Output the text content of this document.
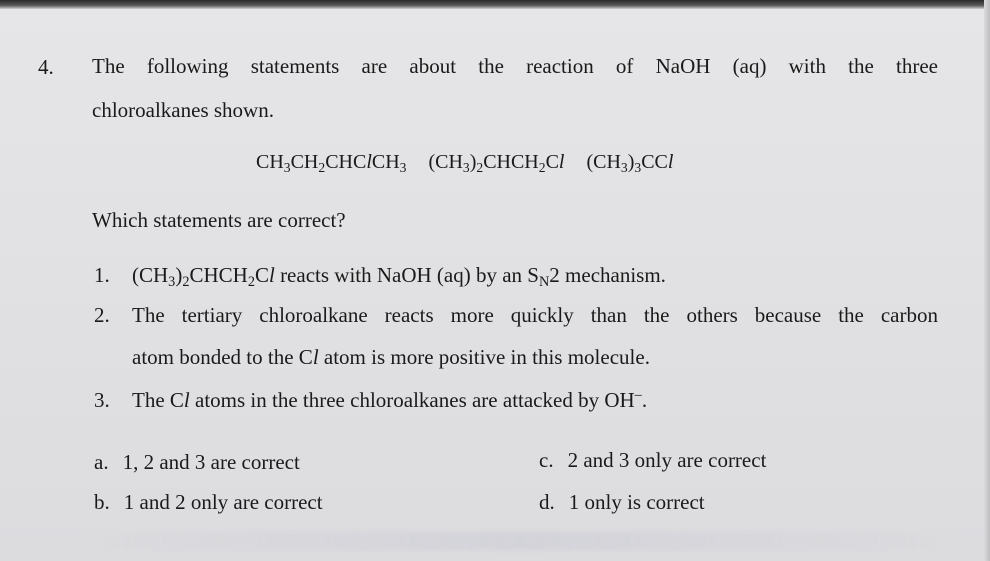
4. The following statements are about the reaction of NaOH (aq) with the three
chloroalkanes shown.
$CH_3CH_2CHClCH_3$ $(CH_3)_2CHCH_2Cl$ $(CH_3)_3CCl$
Which statements are correct?
1. $(CH_3)_2CHCH_2Cl$ reacts with NaOH (aq) by an $S_N2$ mechanism.
2. The tertiary chloroalkane reacts more quickly than the others because the carbon
atom bonded to the Cl atom is more positive in this molecule.
3. The Cl atoms in the three chloroalkanes are attacked by OH–.
a. 1, 2 and 3 are correct
b. 1 and 2 only are correct
c. 2 and 3 only are correct
d. 1 only is correct
